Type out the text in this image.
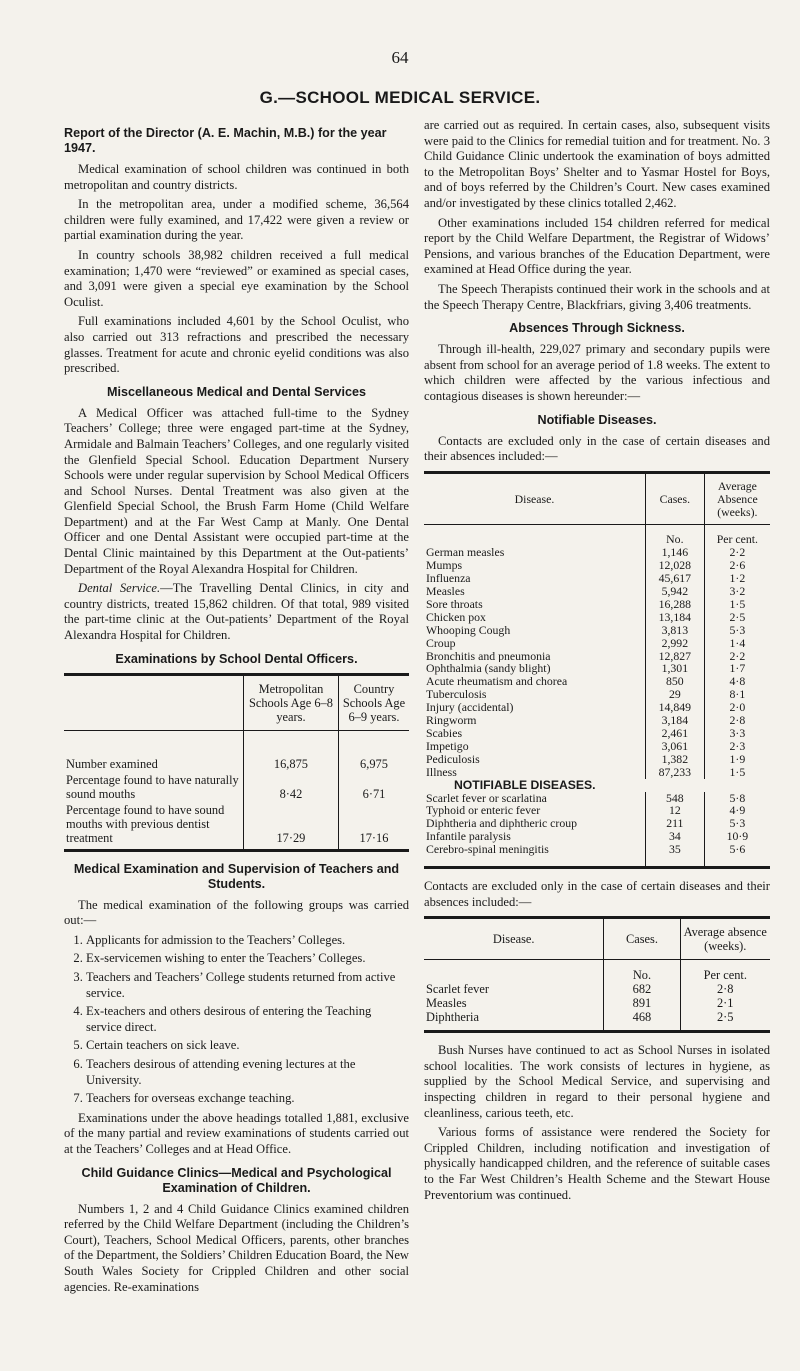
64
G.—SCHOOL MEDICAL SERVICE.
Report of the Director (A. E. Machin, M.B.) for the year 1947.

Medical examination of school children was continued in both metropolitan and country districts.

In the metropolitan area, under a modified scheme, 36,564 children were fully examined, and 17,422 were given a review or partial examination during the year.

In country schools 38,982 children received a full medical examination; 1,470 were “reviewed” or examined as special cases, and 3,091 were given a special eye examination by the School Oculist.

Full examinations included 4,601 by the School Oculist, who also carried out 313 refractions and prescribed the necessary glasses. Treatment for acute and chronic eyelid conditions was also prescribed.

Miscellaneous Medical and Dental Services

A Medical Officer was attached full-time to the Sydney Teachers’ College; three were engaged part-time at the Sydney, Armidale and Balmain Teachers’ Colleges, and one regularly visited the Glenfield Special School. Education Department Nursery Schools were under regular supervision by School Medical Officers and School Nurses. Dental Treatment was also given at the Glenfield Special School, the Brush Farm Home (Child Welfare Department) and at the Far West Camp at Manly. One Dental Officer and one Dental Assistant were occupied part-time at the Dental Clinic maintained by this Department at the Out-patients’ Department of the Royal Alexandra Hospital for Children.

Dental Service.—The Travelling Dental Clinics, in city and country districts, treated 15,862 children. Of that total, 989 visited the part-time clinic at the Out-patients’ Department of the Royal Alexandra Hospital for Children.

Examinations by School Dental Officers.
	Metropolitan Schools Age 6–8 years.	Country Schools Age 6–9 years.
Number examined	16,875	6,975
Percentage found to have naturally sound mouths	8·42	6·71
Percentage found to have sound mouths with previous dentist treatment	17·29	17·16
Medical Examination and Supervision of Teachers and Students.

The medical examination of the following groups was carried out:—

1. Applicants for admission to the Teachers’ Colleges.
2. Ex-servicemen wishing to enter the Teachers’ Colleges.
3. Teachers and Teachers’ College students returned from active service.
4. Ex-teachers and others desirous of entering the Teaching service direct.
5. Certain teachers on sick leave.
6. Teachers desirous of attending evening lectures at the University.
7. Teachers for overseas exchange teaching.

Examinations under the above headings totalled 1,881, exclusive of the many partial and review examinations of students carried out at the Teachers’ Colleges and at Head Office.

Child Guidance Clinics—Medical and Psychological Examination of Children.

Numbers 1, 2 and 4 Child Guidance Clinics examined children referred by the Child Welfare Department (including the Children’s Court), Teachers, School Medical Officers, parents, other branches of the Department, the Soldiers’ Children Education Board, the New South Wales Society for Crippled Children and other social agencies. Re-examinations

are carried out as required. In certain cases, also, subsequent visits were paid to the Clinics for remedial tuition and for treatment. No. 3 Child Guidance Clinic undertook the examination of boys admitted to the Metropolitan Boys’ Shelter and to Yasmar Hostel for Boys, and of boys referred by the Children’s Court. New cases examined and/or investigated by these clinics totalled 2,462.

Other examinations included 154 children referred for medical report by the Child Welfare Department, the Registrar of Widows’ Pensions, and various branches of the Education Department, were examined at Head Office during the year.

The Speech Therapists continued their work in the schools and at the Speech Therapy Centre, Blackfriars, giving 3,406 treatments.

Absences Through Sickness.

Through ill-health, 229,027 primary and secondary pupils were absent from school for an average period of 1.8 weeks. The extent to which children were affected by the various infectious and contagious diseases is shown hereunder:—

Notifiable Diseases.

Contacts are excluded only in the case of certain diseases and their absences included:—

Disease.	Cases.	Average Absence (weeks).
	No.	Per cent.
German measles	1,146	2·2
Mumps	12,028	2·6
Influenza	45,617	1·2
Measles	5,942	3·2
Sore throats	16,288	1·5
Chicken pox	13,184	2·5
Whooping Cough	3,813	5·3
Croup	2,992	1·4
Bronchitis and pneumonia	12,827	2·2
Ophthalmia (sandy blight)	1,301	1·7
Acute rheumatism and chorea	850	4·8
Tuberculosis	29	8·1
Injury (accidental)	14,849	2·0
Ringworm	3,184	2·8
Scabies	2,461	3·3
Impetigo	3,061	2·3
Pediculosis	1,382	1·9
Illness	87,233	1·5
NOTIFIABLE DISEASES.		
Scarlet fever or scarlatina	548	5·8
Typhoid or enteric fever	12	4·9
Diphtheria and diphtheric croup	211	5·3
Infantile paralysis	34	10·9
Cerebro-spinal meningitis	35	5·6

Contacts are excluded only in the case of certain diseases and their absences included:—

Disease.	Cases.	Average absence (weeks).
	No.	Per cent.
Scarlet fever	682	2·8
Measles	891	2·1
Diphtheria	468	2·5

Bush Nurses have continued to act as School Nurses in isolated school localities. The work consists of lectures in hygiene, as supplied by the School Medical Service, and supervising and inspecting children in regard to their personal hygiene and cleanliness, carious teeth, etc.

Various forms of assistance were rendered the Society for Crippled Children, including notification and investigation of physically handicapped children, and the reference of suitable cases to the Far West Children’s Health Scheme and the Stewart House Preventorium was continued.
